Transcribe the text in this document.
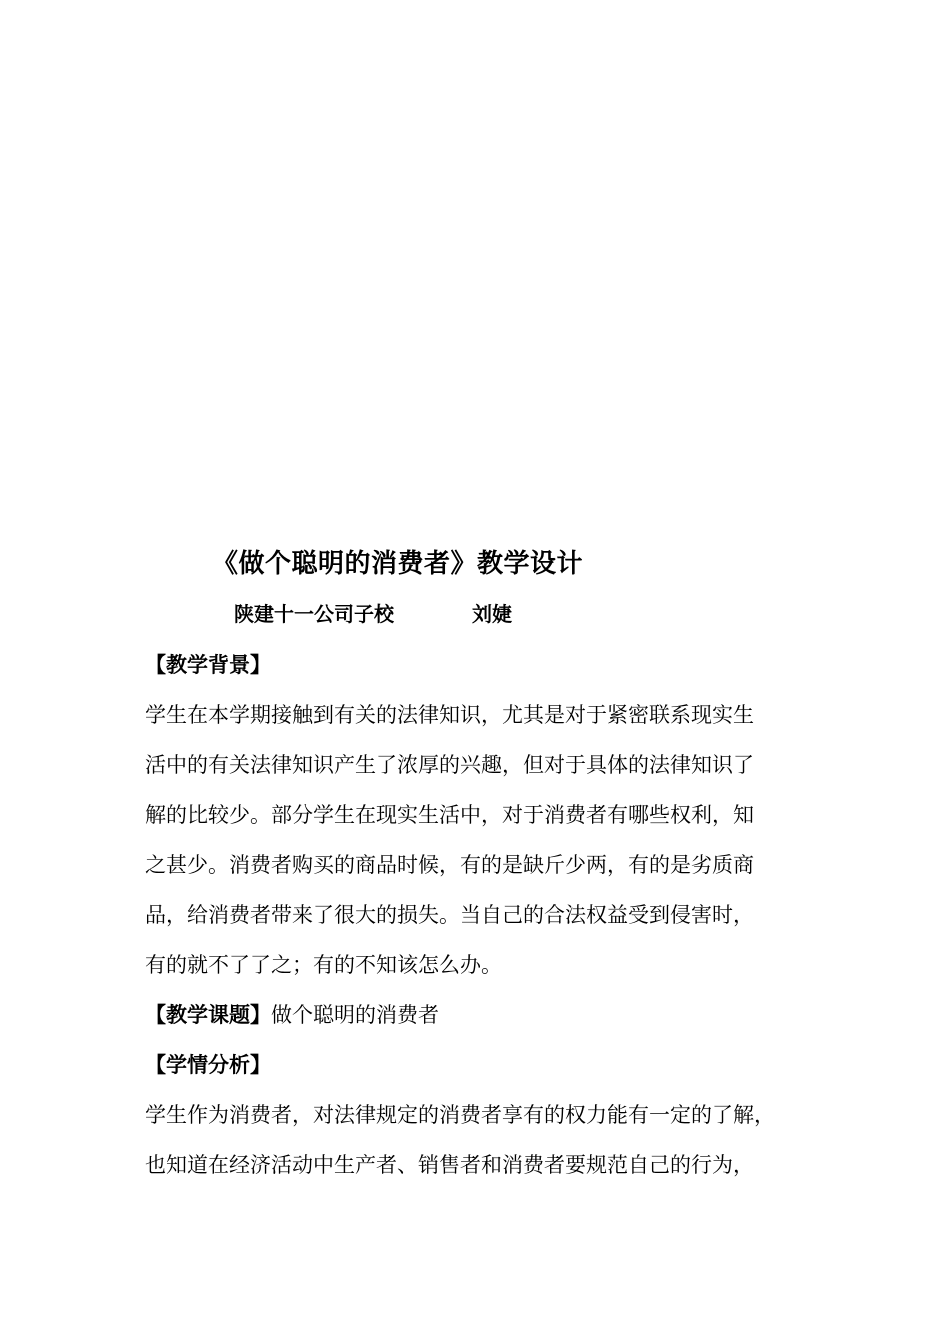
《做个聪明的消费者》教学设计
陕建十一公司子校	刘婕
【教学背景】
学生在本学期接触到有关的法律知识，尤其是对于紧密联系现实生
活中的有关法律知识产生了浓厚的兴趣，但对于具体的法律知识了
解的比较少。部分学生在现实生活中，对于消费者有哪些权利，知
之甚少。消费者购买的商品时候，有的是缺斤少两，有的是劣质商
品，给消费者带来了很大的损失。当自己的合法权益受到侵害时，
有的就不了了之；有的不知该怎么办。
【教学课题】做个聪明的消费者
【学情分析】
学生作为消费者，对法律规定的消费者享有的权力能有一定的了解，
也知道在经济活动中生产者、销售者和消费者要规范自己的行为，
